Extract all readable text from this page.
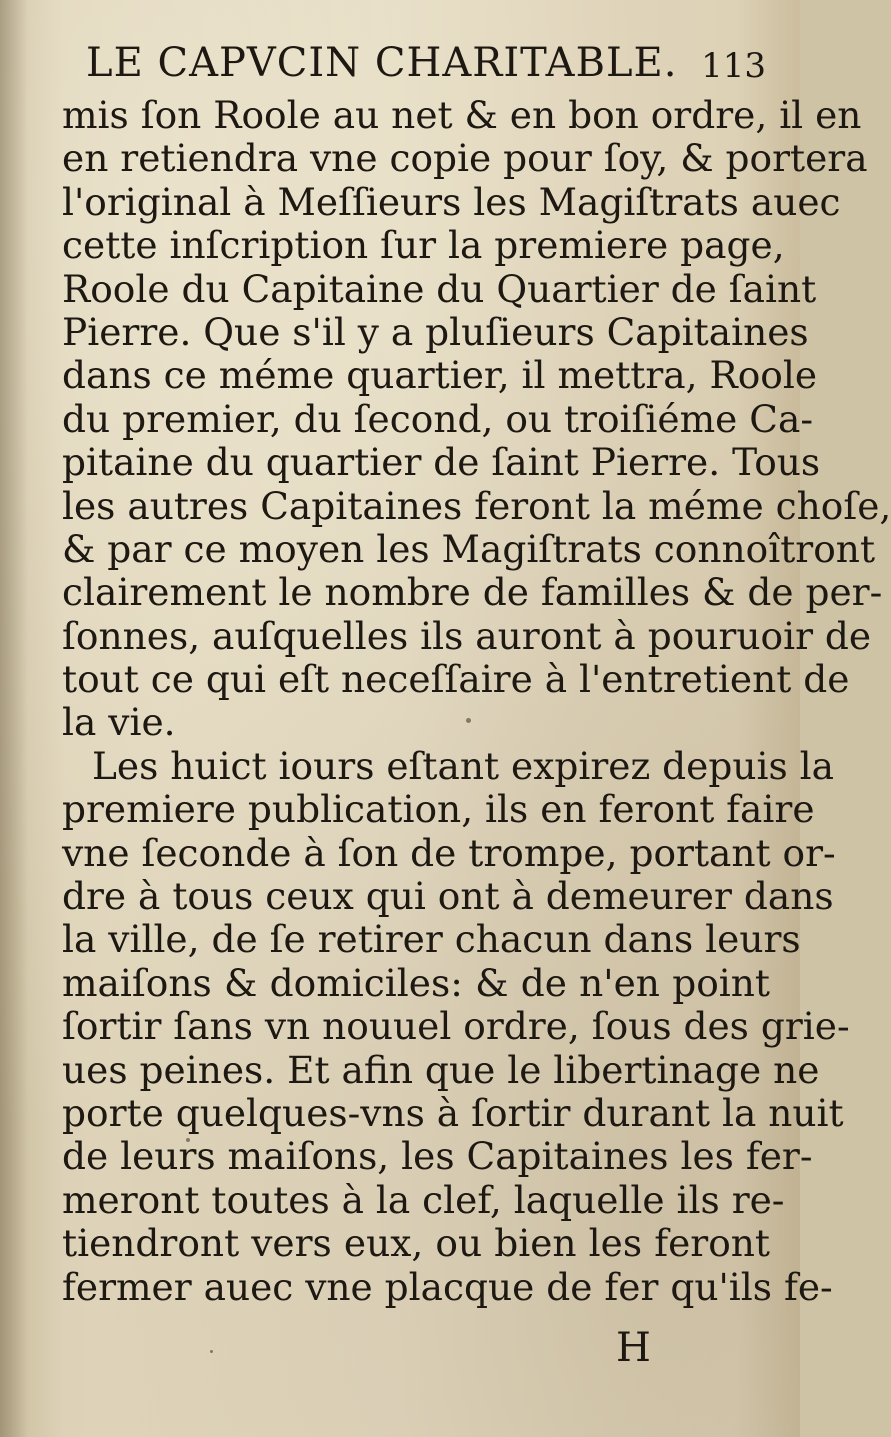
LE CAPVCIN CHARITABLE. 113
mis ſon Roole au net & en bon ordre, il en
en retiendra vne copie pour ſoy, & portera
l'original à Meſſieurs les Magiſtrats auec
cette inſcription ſur la premiere page,
Roole du Capitaine du Quartier de ſaint
Pierre. Que s'il y a pluſieurs Capitaines
dans ce méme quartier, il mettra, Roole
du premier, du ſecond, ou troiſiéme Ca-
pitaine du quartier de ſaint Pierre. Tous
les autres Capitaines feront la méme choſe,
& par ce moyen les Magiſtrats connoîtront
clairement le nombre de familles & de per-
ſonnes, auſquelles ils auront à pouruoir de
tout ce qui eſt neceſſaire à l'entretient de
la vie.
Les huict iours eſtant expirez depuis la
premiere publication, ils en feront faire
vne ſeconde à ſon de trompe, portant or-
dre à tous ceux qui ont à demeurer dans
la ville, de ſe retirer chacun dans leurs
maiſons & domiciles: & de n'en point
ſortir ſans vn nouuel ordre, ſous des grie-
ues peines. Et afin que le libertinage ne
porte quelques-vns à ſortir durant la nuit
de leurs maiſons, les Capitaines les fer-
meront toutes à la clef, laquelle ils re-
tiendront vers eux, ou bien les feront
fermer auec vne placque de fer qu'ils fe-
H
